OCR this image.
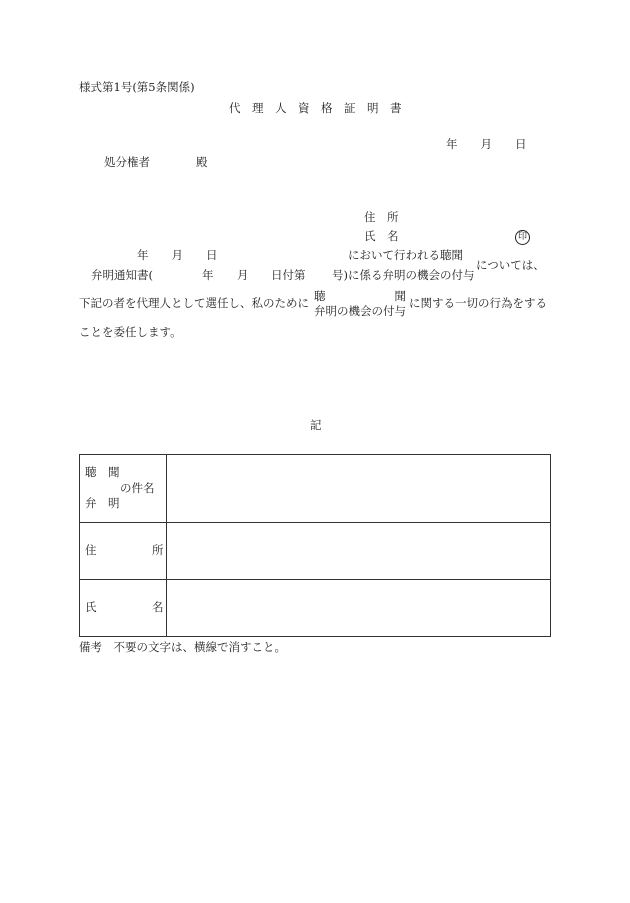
様式第1号(第5条関係)
代　理　人　資　格　証　明　書
年　　月　　日
処分権者	殿
住　所
氏　名	印
年　　月　　日	において行われる聴聞
については、
弁明通知書(	年 月 日付第 号)に係る弁明の機会の付与
聴　　　　　　聞
下記の者を代理人として選任し、私のために	に関する一切の行為をする
弁明の機会の付与
ことを委任します。
記
聴　聞
の件名
弁　明	

住 所	

氏 名	

備考　不要の文字は、横線で消すこと。
